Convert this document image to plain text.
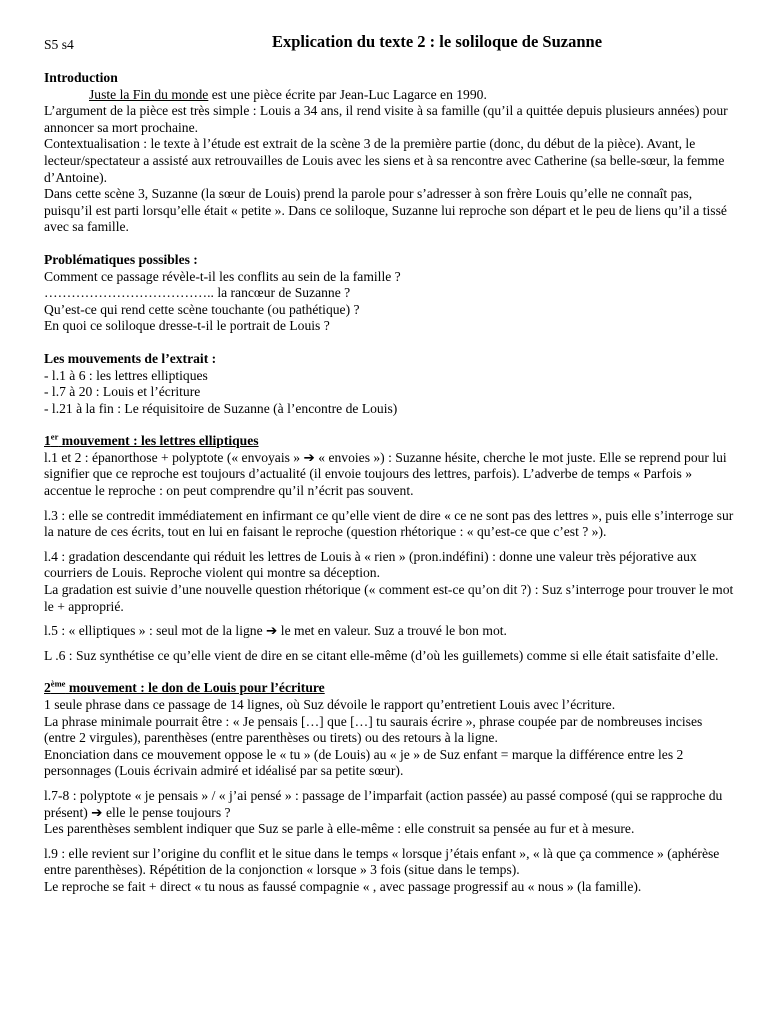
S5 s4	Explication du texte 2 : le soliloque de Suzanne

Introduction

Juste la Fin du monde est une pièce écrite par Jean-Luc Lagarce en 1990.

L’argument de la pièce est très simple : Louis a 34 ans, il rend visite à sa famille (qu’il a quittée depuis plusieurs années) pour annoncer sa mort prochaine.

Contextualisation : le texte à l’étude est extrait de la scène 3 de la première partie (donc, du début de la pièce). Avant, le lecteur/spectateur a assisté aux retrouvailles de Louis avec les siens et à sa rencontre avec Catherine (sa belle-sœur, la femme d’Antoine).

Dans cette scène 3, Suzanne (la sœur de Louis) prend la parole pour s’adresser à son frère Louis qu’elle ne connaît pas, puisqu’il est parti lorsqu’elle était « petite ». Dans ce soliloque, Suzanne lui reproche son départ et le peu de liens qu’il a tissé avec sa famille.

Problématiques possibles :

Comment ce passage révèle-t-il les conflits au sein de la famille ?

……………………………….. la rancœur de Suzanne ?

Qu’est-ce qui rend cette scène touchante (ou pathétique) ?

En quoi ce soliloque dresse-t-il le portrait de Louis ?

Les mouvements de l’extrait :

- l.1 à 6 : les lettres elliptiques

- l.7 à 20 : Louis et l’écriture

- l.21 à la fin : Le réquisitoire de Suzanne (à l’encontre de Louis)

1er mouvement : les lettres elliptiques

l.1 et 2 : épanorthose + polyptote (« envoyais » ➔ « envoies ») : Suzanne hésite, cherche le mot juste. Elle se reprend pour lui signifier que ce reproche est toujours d’actualité (il envoie toujours des lettres, parfois). L’adverbe de temps « Parfois » accentue le reproche : on peut comprendre qu’il n’écrit pas souvent.

l.3 : elle se contredit immédiatement en infirmant ce qu’elle vient de dire « ce ne sont pas des lettres », puis elle s’interroge sur la nature de ces écrits, tout en lui en faisant le reproche (question rhétorique : « qu’est-ce que c’est ? »).

l.4 : gradation descendante qui réduit les lettres de Louis à « rien » (pron.indéfini) : donne une valeur très péjorative aux courriers de Louis. Reproche violent qui montre sa déception.

La gradation est suivie d’une nouvelle question rhétorique (« comment est-ce qu’on dit ?) : Suz s’interroge pour trouver le mot le + approprié.

l.5 : « elliptiques » : seul mot de la ligne ➔ le met en valeur. Suz a trouvé le bon mot.

L .6 : Suz synthétise ce qu’elle vient de dire en se citant elle-même (d’où les guillemets) comme si elle était satisfaite d’elle.

2ème mouvement : le don de Louis pour l’écriture

1 seule phrase dans ce passage de 14 lignes, où Suz dévoile le rapport qu’entretient Louis avec l’écriture.

La phrase minimale pourrait être : « Je pensais […] que […] tu saurais écrire », phrase coupée par de nombreuses incises (entre 2 virgules), parenthèses (entre parenthèses ou tirets) ou des retours à la ligne.

Enonciation dans ce mouvement oppose le « tu » (de Louis) au « je » de Suz enfant = marque la différence entre les 2 personnages (Louis écrivain admiré et idéalisé par sa petite sœur).

l.7-8 : polyptote « je pensais » / « j’ai pensé » : passage de l’imparfait (action passée) au passé composé (qui se rapproche du présent) ➔ elle le pense toujours ?

Les parenthèses semblent indiquer que Suz se parle à elle-même : elle construit sa pensée au fur et à mesure.

l.9 : elle revient sur l’origine du conflit et le situe dans le temps « lorsque j’étais enfant », « là que ça commence » (aphérèse entre parenthèses). Répétition de la conjonction « lorsque » 3 fois (situe dans le temps).

Le reproche se fait + direct « tu nous as faussé compagnie « , avec passage progressif au « nous » (la famille).
